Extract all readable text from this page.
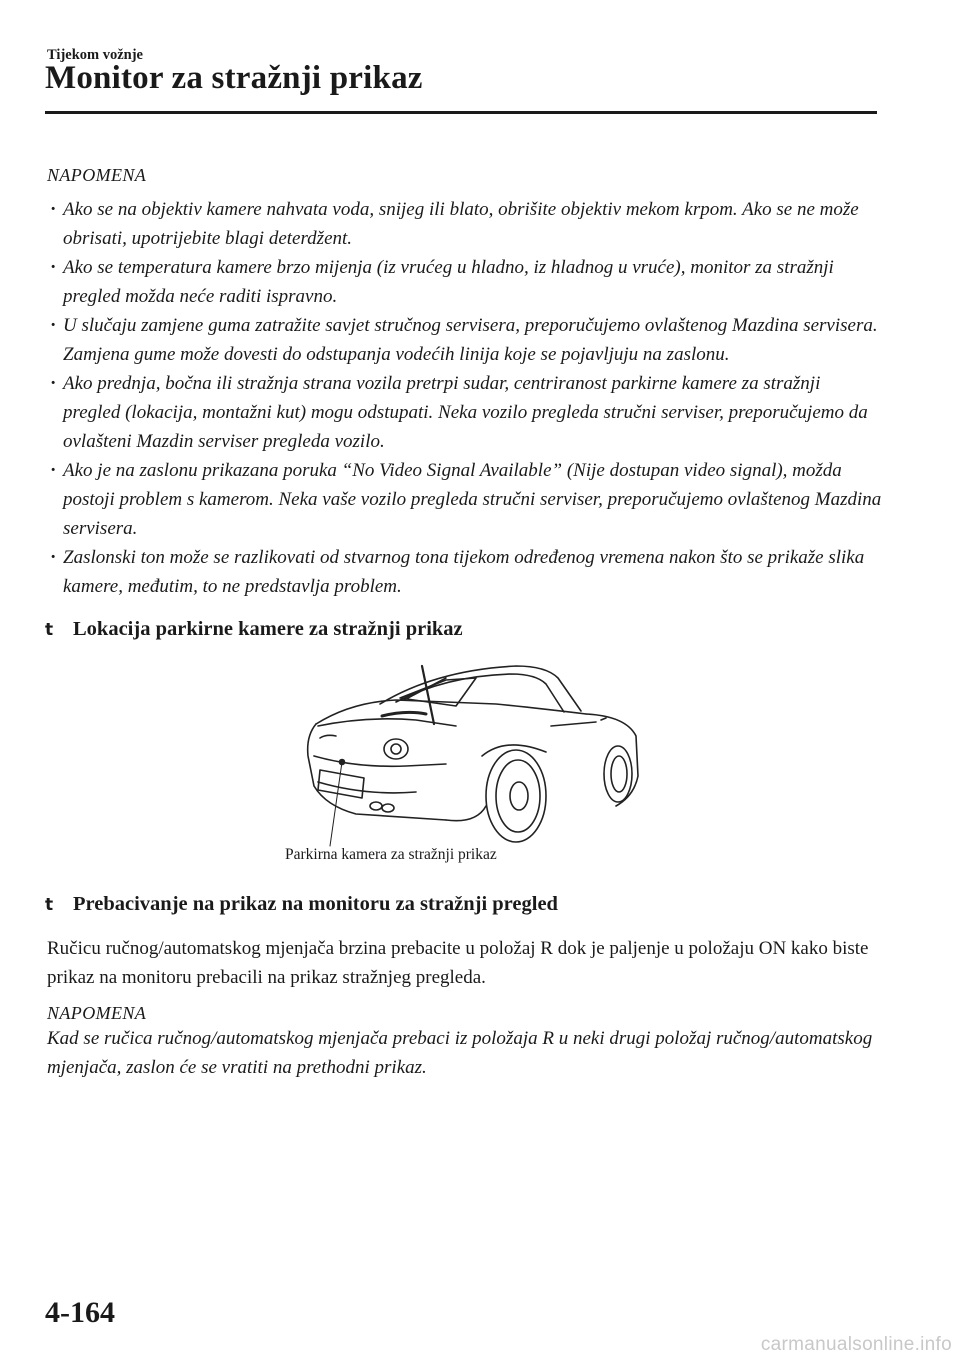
Tijekom vožnje
Monitor za stražnji prikaz
NAPOMENA
· Ako se na objektiv kamere nahvata voda, snijeg ili blato, obrišite objektiv mekom krpom. Ako se ne može obrisati, upotrijebite blagi deterdžent.
· Ako se temperatura kamere brzo mijenja (iz vrućeg u hladno, iz hladnog u vruće), monitor za stražnji pregled možda neće raditi ispravno.
· U slučaju zamjene guma zatražite savjet stručnog servisera, preporučujemo ovlaštenog Mazdina servisera. Zamjena gume može dovesti do odstupanja vodećih linija koje se pojavljuju na zaslonu.
· Ako prednja, bočna ili stražnja strana vozila pretrpi sudar, centriranost parkirne kamere za stražnji pregled (lokacija, montažni kut) mogu odstupati. Neka vozilo pregleda stručni serviser, preporučujemo da ovlašteni Mazdin serviser pregleda vozilo.
· Ako je na zaslonu prikazana poruka “No Video Signal Available” (Nije dostupan video signal), možda postoji problem s kamerom. Neka vaše vozilo pregleda stručni serviser, preporučujemo ovlaštenog Mazdina servisera.
· Zaslonski ton može se razlikovati od stvarnog tona tijekom određenog vremena nakon što se prikaže slika kamere, međutim, to ne predstavlja problem.
t Lokacija parkirne kamere za stražnji prikaz
Parkirna kamera za stražnji prikaz
t Prebacivanje na prikaz na monitoru za stražnji pregled
Ručicu ručnog/automatskog mjenjača brzina prebacite u položaj R dok je paljenje u položaju ON kako biste prikaz na monitoru prebacili na prikaz stražnjeg pregleda.
NAPOMENA
Kad se ručica ručnog/automatskog mjenjača prebaci iz položaja R u neki drugi položaj ručnog/automatskog mjenjača, zaslon će se vratiti na prethodni prikaz.
4-164
carmanualsonline.info
